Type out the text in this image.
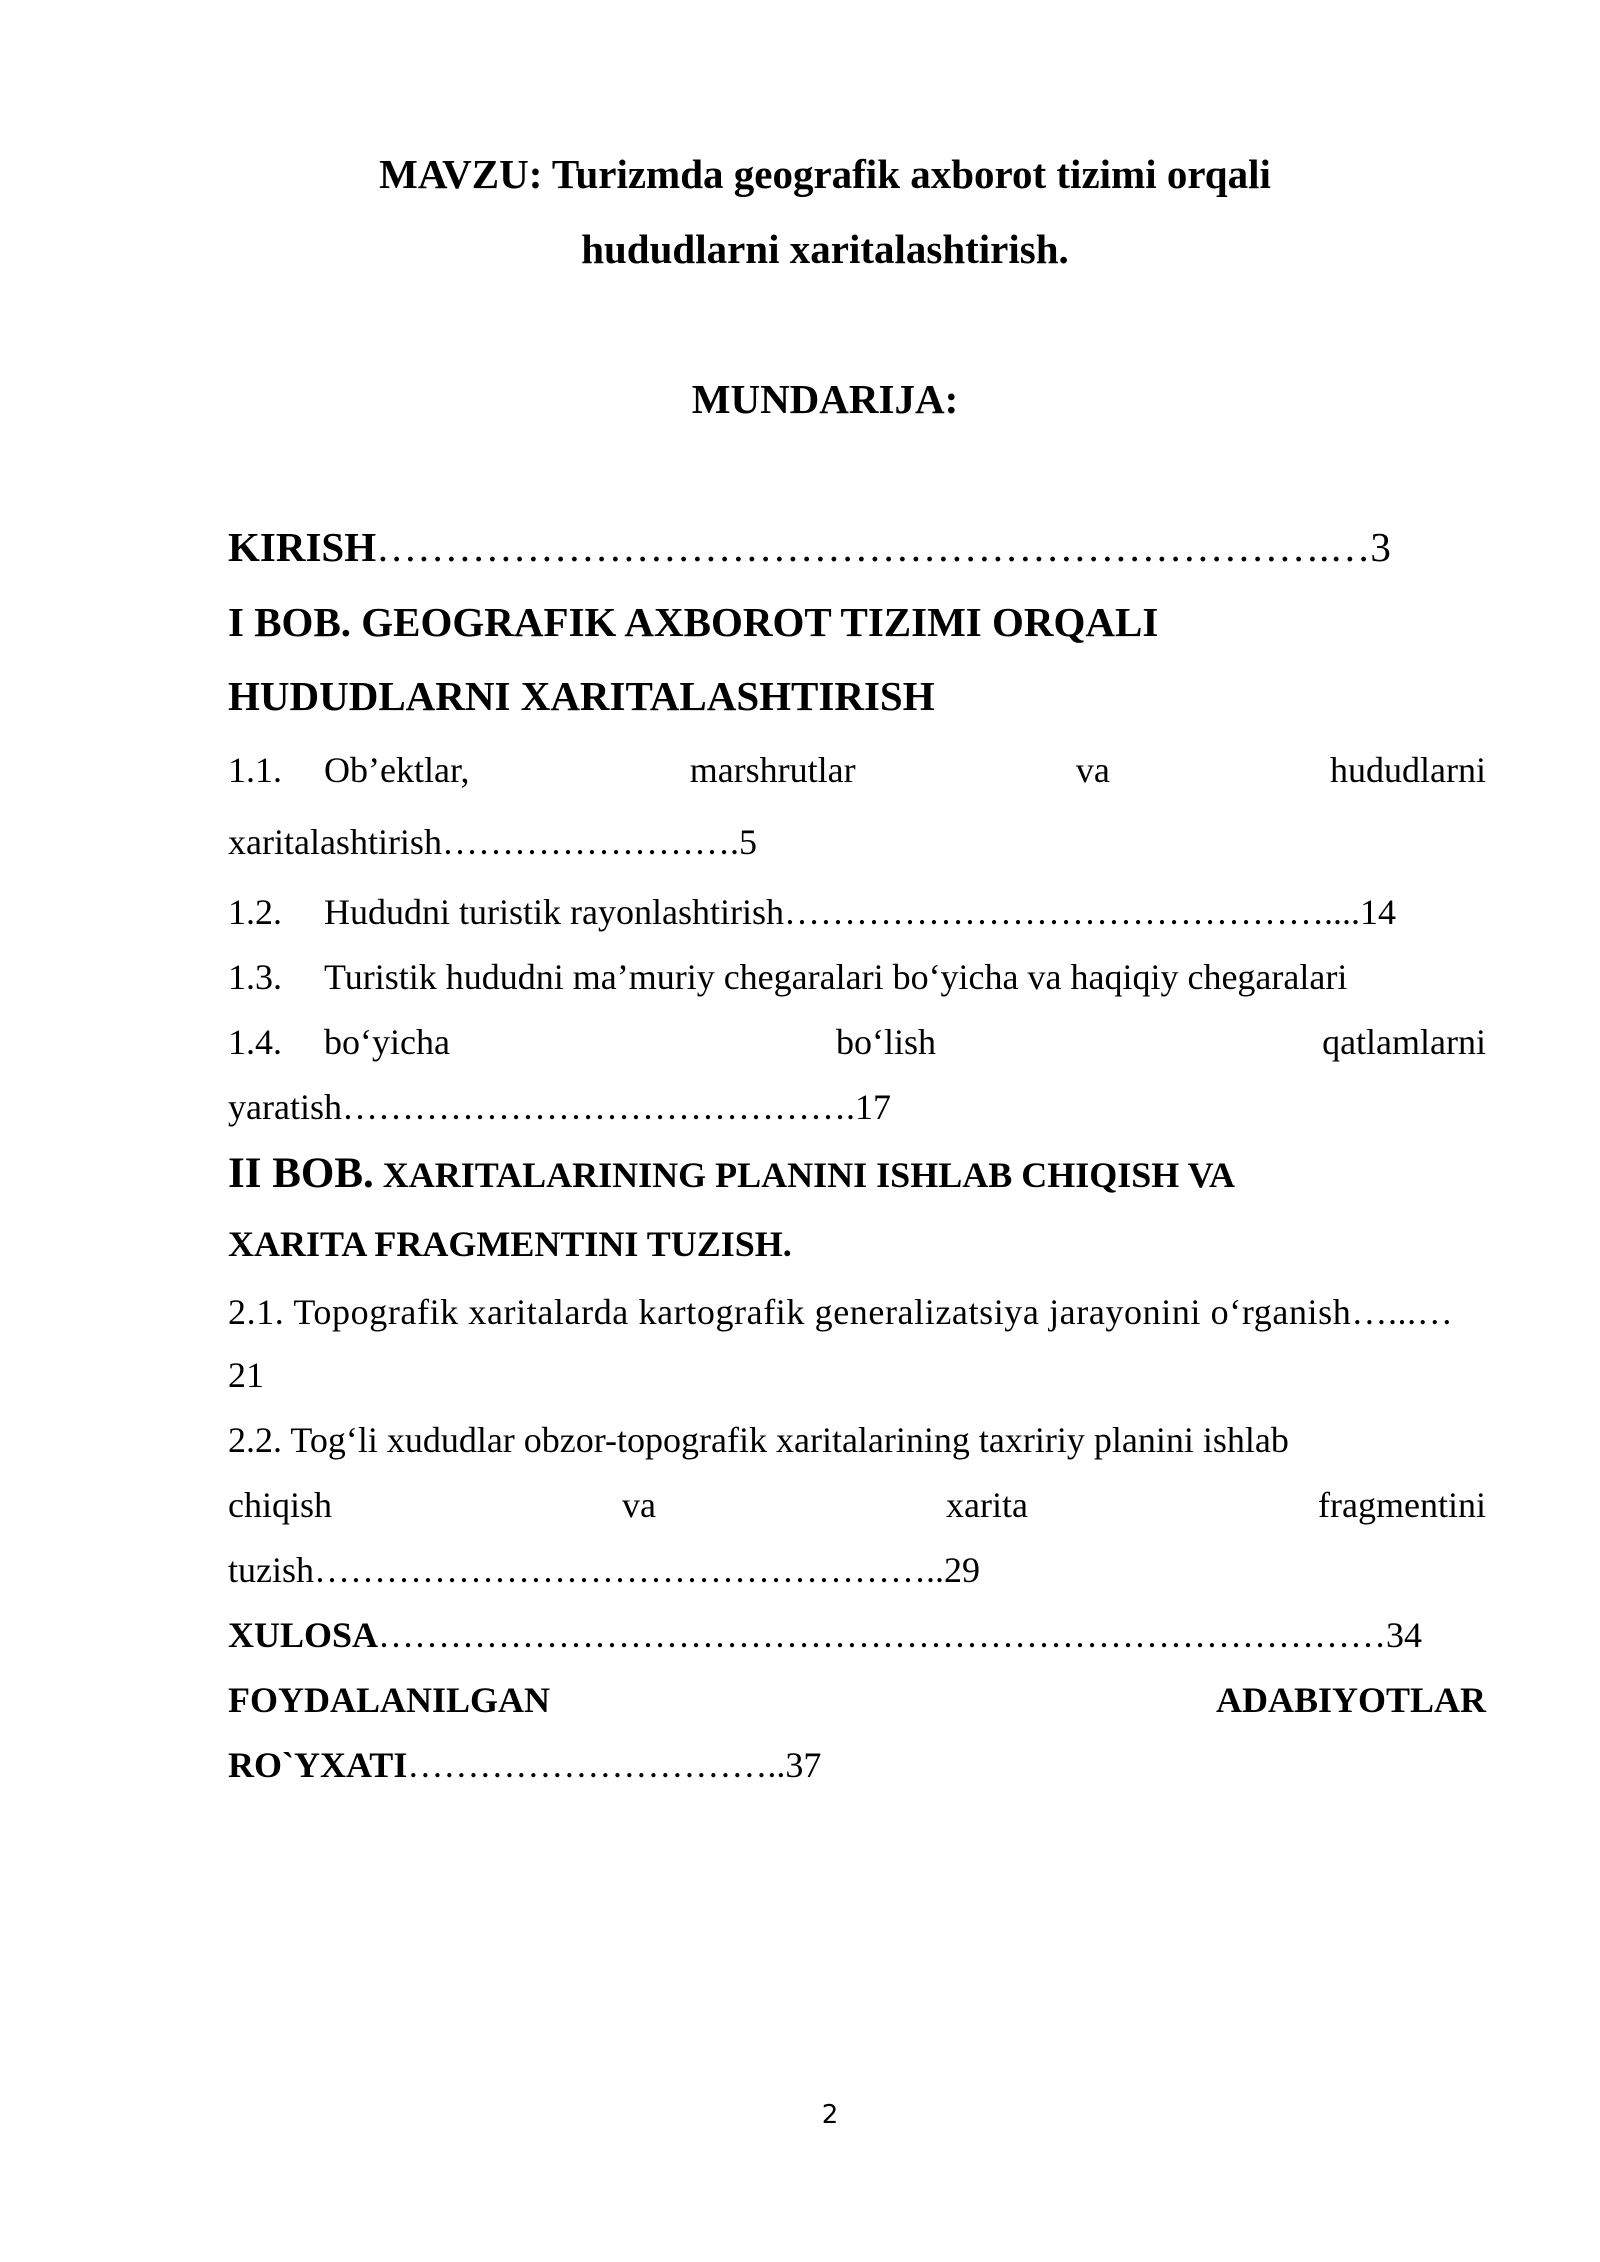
MAVZU: Turizmda geografik axborot tizimi orqali
hududlarni xaritalashtirish.
MUNDARIJA:
KIRISH…………………………………………………………….…3
I BOB. GEOGRAFIK AXBOROT TIZIMI ORQALI
HUDUDLARNI XARITALASHTIRISH
1.1. Ob’ektlar,	marshrutlar	va	hududlarni
xaritalashtirish…………………….5
1.2. Hududni turistik rayonlashtirish………………………………………....14
1.3. Turistik hududni ma’muriy chegaralari bo‘yicha va haqiqiy chegaralari
1.4. bo‘yicha	bo‘lish	qatlamlarni
yaratish…………………………………….17
II BOB. XARITALARINING PLANINI ISHLAB CHIQISH VA
XARITA FRAGMENTINI TUZISH.
2.1. Topografik xaritalarda kartografik generalizatsiya jarayonini o‘rganish…...…
21
2.2. Tog‘li xududlar obzor-topografik xaritalarining taxririy planini ishlab
chiqish	va	xarita	fragmentini
tuzish……………………………………………..29
XULOSA…………………………………………………………………………34
FOYDALANILGAN	ADABIYOTLAR
RO`YXATI…………………………..37
2
